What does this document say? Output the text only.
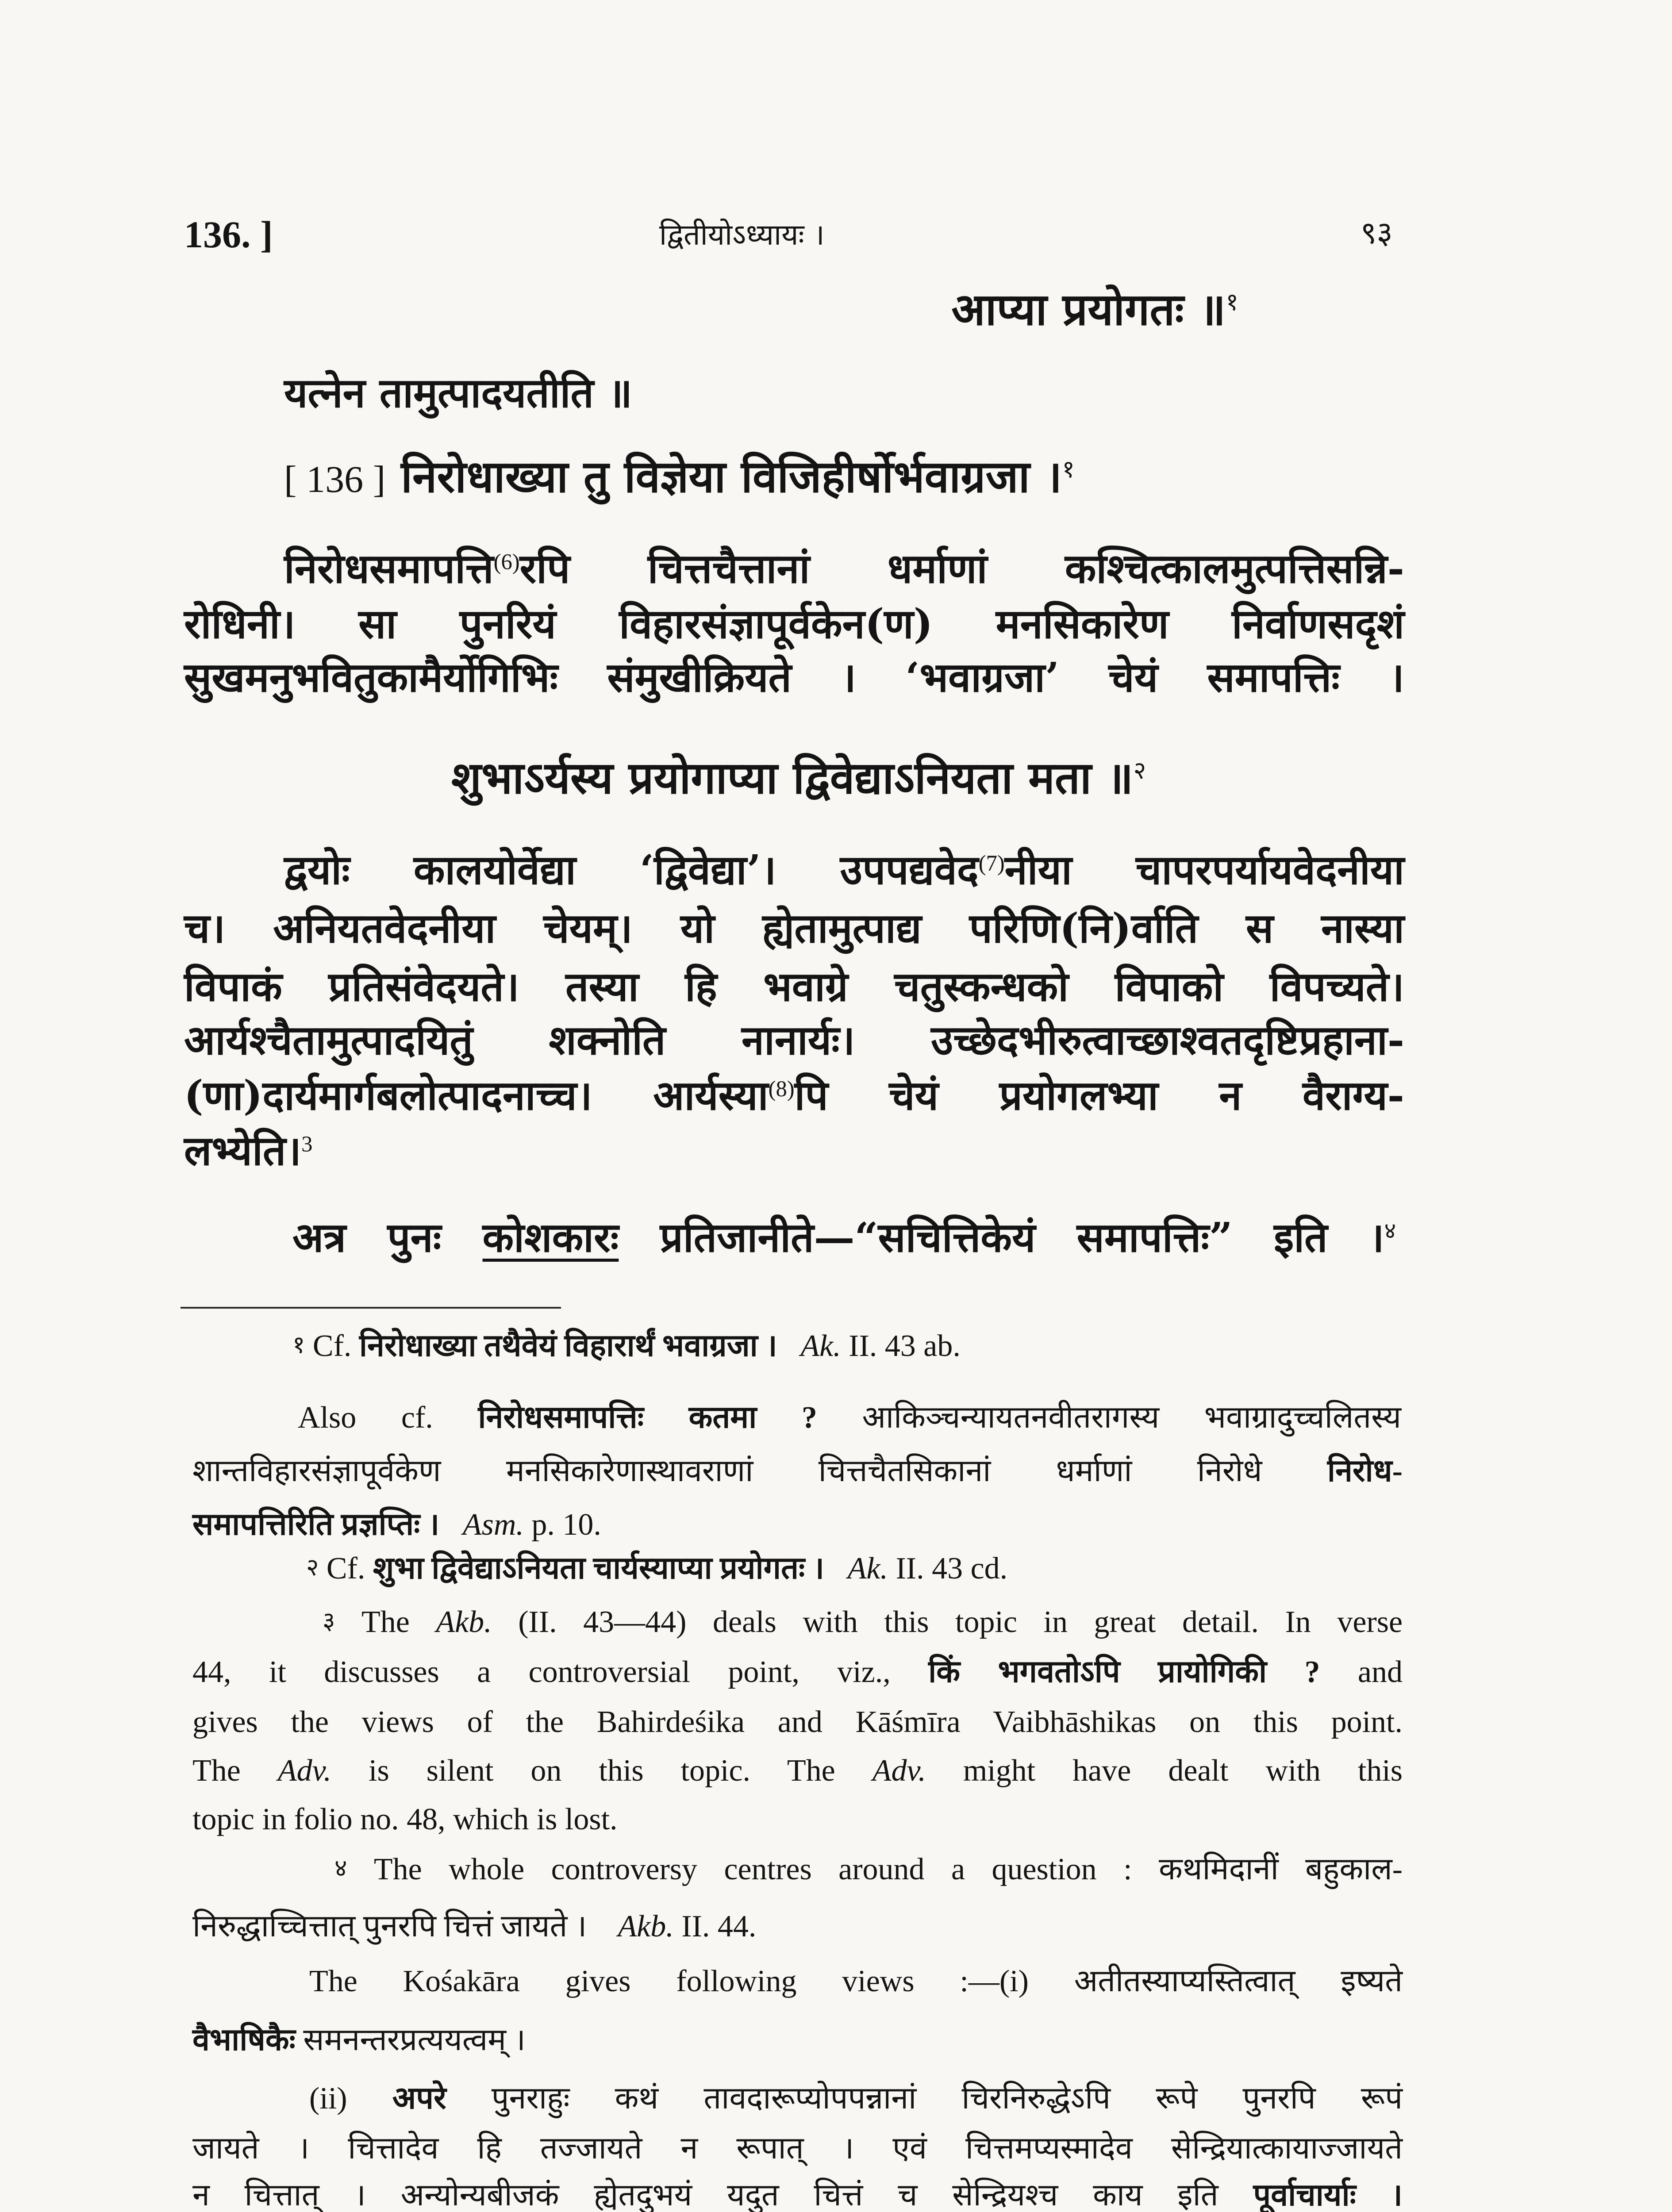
136. ]	द्वितीयोऽध्यायः ।	९३
आप्या प्रयोगतः ॥$^१$
यत्नेन तामुत्पादयतीति ॥
[ 136 ] निरोधाख्या तु विज्ञेया विजिहीर्षोर्भवाग्रजा ।$^१$
निरोधसमापत्ति$^{(6)}$रपि चित्तचैत्तानां धर्माणां कश्चित्कालमुत्पत्तिसन्नि-
रोधिनी। सा पुनरियं विहारसंज्ञापूर्वकेन(ण) मनसिकारेण निर्वाणसदृशं
सुखमनुभवितुकामैर्योगिभिः संमुखीक्रियते । ‘भवाग्रजा’ चेयं समापत्तिः ।
शुभाऽर्यस्य प्रयोगाप्या द्विवेद्याऽनियता मता ॥$^२$
द्वयोः कालयोर्वेद्या ‘द्विवेद्या’। उपपद्यवेद$^{(7)}$नीया चापरपर्यायवेदनीया
च। अनियतवेदनीया चेयम्। यो ह्येतामुत्पाद्य परिणि(नि)र्वाति स नास्या
विपाकं प्रतिसंवेदयते। तस्या हि भवाग्रे चतुस्कन्धको विपाको विपच्यते।
आर्यश्चैतामुत्पादयितुं शक्नोति नानार्यः। उच्छेदभीरुत्वाच्छाश्वतदृष्टिप्रहाना-
(णा)दार्यमार्गबलोत्पादनाच्च। आर्यस्या$^{(8)}$पि चेयं प्रयोगलभ्या न वैराग्य-
लभ्येति।$^3$
अत्र पुनः कोशकारः प्रतिजानीते—“सचित्तिकेयं समापत्तिः” इति ।$^४$
१ Cf. निरोधाख्या तथैवेयं विहारार्थं भवाग्रजा । Ak. II. 43 ab.
Also cf. निरोधसमापत्तिः कतमा ? आकिञ्चन्यायतनवीतरागस्य भवाग्रादुच्चलितस्य
शान्तविहारसंज्ञापूर्वकेण मनसिकारेणास्थावराणां चित्तचैतसिकानां धर्माणां निरोधे निरोध-
समापत्तिरिति प्रज्ञप्तिः । Asm. p. 10.
२ Cf. शुभा द्विवेद्याऽनियता चार्यस्याप्या प्रयोगतः । Ak. II. 43 cd.
३ The Akb. (II. 43—44) deals with this topic in great detail. In verse
44, it discusses a controversial point, viz., किं भगवतोऽपि प्रायोगिकी ? and
gives the views of the Bahirdeśika and Kāśmīra Vaibhāshikas on this point.
The Adv. is silent on this topic. The Adv. might have dealt with this
topic in folio no. 48, which is lost.
४ The whole controversy centres around a question : कथमिदानीं बहुकाल-
निरुद्धाच्चित्तात् पुनरपि चित्तं जायते । Akb. II. 44.
The Kośakāra gives following views :—(i) अतीतस्याप्यस्तित्वात् इष्यते
वैभाषिकैः समनन्तरप्रत्ययत्वम् ।
(ii) अपरे पुनराहुः कथं तावदारूप्योपपन्नानां चिरनिरुद्धेऽपि रूपे पुनरपि रूपं
जायते । चित्तादेव हि तज्जायते न रूपात् । एवं चित्तमप्यस्मादेव सेन्द्रियात्कायाज्जायते
न चित्तात् । अन्योन्यबीजकं ह्येतदुभयं यदुत चित्तं च सेन्द्रियश्च काय इति पूर्वाचार्याः ।
